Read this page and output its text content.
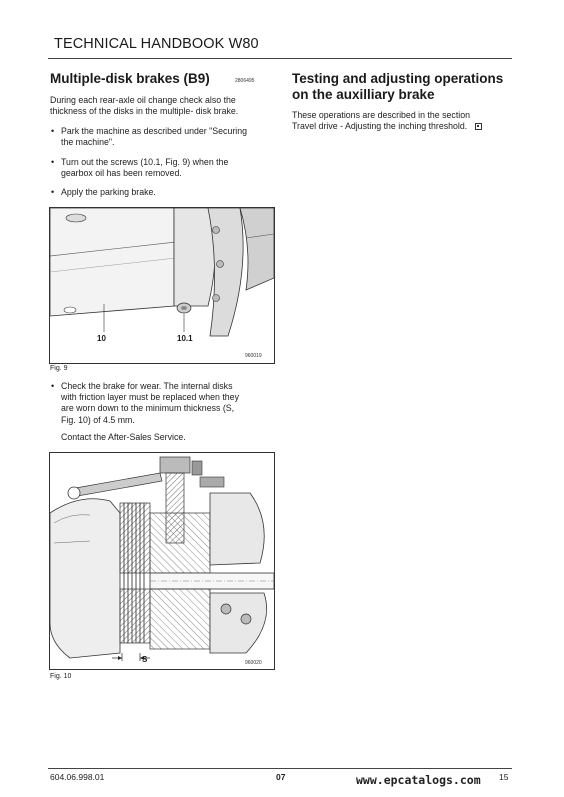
TECHNICAL HANDBOOK W80
Multiple-disk brakes (B9)	2806495
During each rear-axle oil change check also the
thickness of the disks in the multiple- disk brake.
• Park the machine as described under "Securing
the machine".
• Turn out the screws (10.1, Fig. 9) when the
gearbox oil has been removed.
• Apply the parking brake.
10	10.1
960019
Fig. 9
• Check the brake for wear. The internal disks
with friction layer must be replaced when they
are worn down to the minimum thickness (S,
Fig. 10) of 4.5 mm.
Contact the After-Sales Service.
S	960020
Fig. 10
Testing and adjusting operations
on the auxilliary brake
These operations are described in the section
Travel drive - Adjusting the inching threshold.
604.06.998.01	07	www.epcatalogs.com 15
